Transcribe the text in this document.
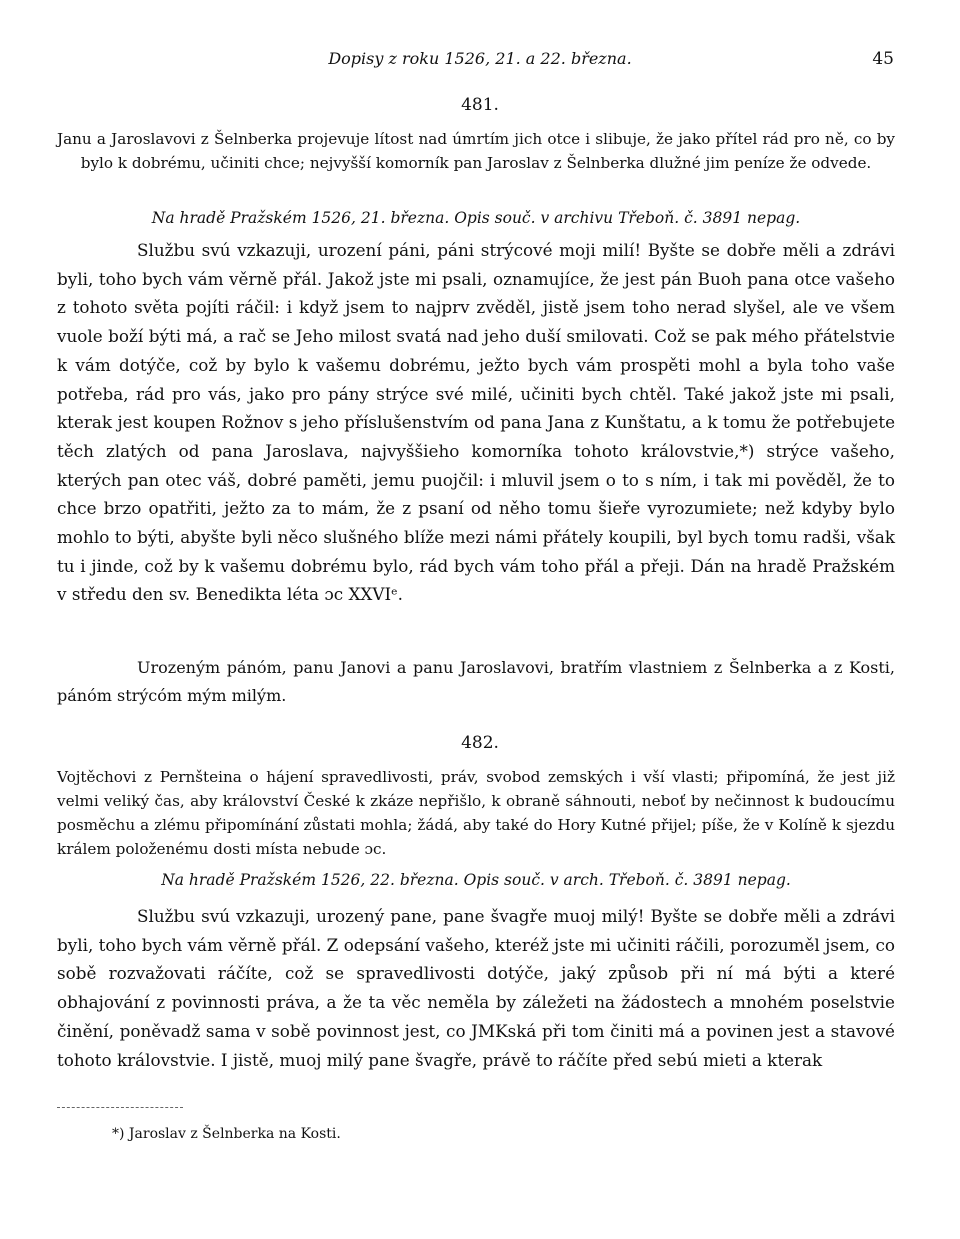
Dopisy z roku 1526, 21. a 22. března.	45
481.

Janu a Jaroslavovi z Šelnberka projevuje lítost nad úmrtím jich otce i slibuje, že jako přítel rád pro ně, co by bylo k dobrému, učiniti chce; nejvyšší komorník pan Jaroslav z Šelnberka dlužné jim peníze že odvede.

Na hradě Pražském 1526, 21. března. Opis souč. v archivu Třeboň. č. 3891 nepag.

Službu svú vzkazuji, urození páni, páni strýcové moji milí! Byšte se dobře měli a zdrávi byli, toho bych vám věrně přál. Jakož jste mi psali, oznamujíce, že jest pán Buoh pana otce vašeho z tohoto světa pojíti ráčil: i když jsem to najprv zvěděl, jistě jsem toho nerad slyšel, ale ve všem vuole boží býti má, a rač se Jeho milost svatá nad jeho duší smilovati. Což se pak mého přátelstvie k vám dotýče, což by bylo k vašemu dobrému, ježto bych vám prospěti mohl a byla toho vaše potřeba, rád pro vás, jako pro pány strýce své milé, učiniti bych chtěl. Také jakož jste mi psali, kterak jest koupen Rožnov s jeho příslušenstvím od pana Jana z Kunštatu, a k tomu že potřebujete těch zlatých od pana Jaroslava, najvyššieho komorníka tohoto královstvie,*) strýce vašeho, kterých pan otec váš, dobré paměti, jemu puojčil: i mluvil jsem o to s ním, i tak mi pověděl, že to chce brzo opatřiti, ježto za to mám, že z psaní od něho tomu šieře vyrozumiete; než kdyby bylo mohlo to býti, abyšte byli něco slušného blíže mezi námi přátely koupili, byl bych tomu radši, však tu i jinde, což by k vašemu dobrému bylo, rád bych vám toho přál a přeji. Dán na hradě Pražském v středu den sv. Benedikta léta ɔc XXVIᵉ.

Urozeným pánóm, panu Janovi a panu Jaroslavovi, bratřím vlastniem z Šelnberka a z Kosti, pánóm strýcóm mým milým.

482.

Vojtěchovi z Pernšteina o hájení spravedlivosti, práv, svobod zemských i vší vlasti; připomíná, že jest již velmi veliký čas, aby království České k zkáze nepřišlo, k obraně sáhnouti, neboť by nečinnost k budoucímu posměchu a zlému připomínání zůstati mohla; žádá, aby také do Hory Kutné přijel; píše, že v Kolíně k sjezdu králem položenému dosti místa nebude ɔc.

Na hradě Pražském 1526, 22. března. Opis souč. v arch. Třeboň. č. 3891 nepag.

Službu svú vzkazuji, urozený pane, pane švagře muoj milý! Byšte se dobře měli a zdrávi byli, toho bych vám věrně přál. Z odepsání vašeho, kteréž jste mi učiniti ráčili, porozuměl jsem, co sobě rozvažovati ráčíte, což se spravedlivosti dotýče, jaký způsob při ní má býti a které obhajování z povinnosti práva, a že ta věc neměla by záležeti na žádostech a mnohém poselstvie činění, poněvadž sama v sobě povinnost jest, co JMKská při tom činiti má a povinen jest a stavové tohoto královstvie. I jistě, muoj milý pane švagře, právě to ráčíte před sebú mieti a kterak

*) Jaroslav z Šelnberka na Kosti.
